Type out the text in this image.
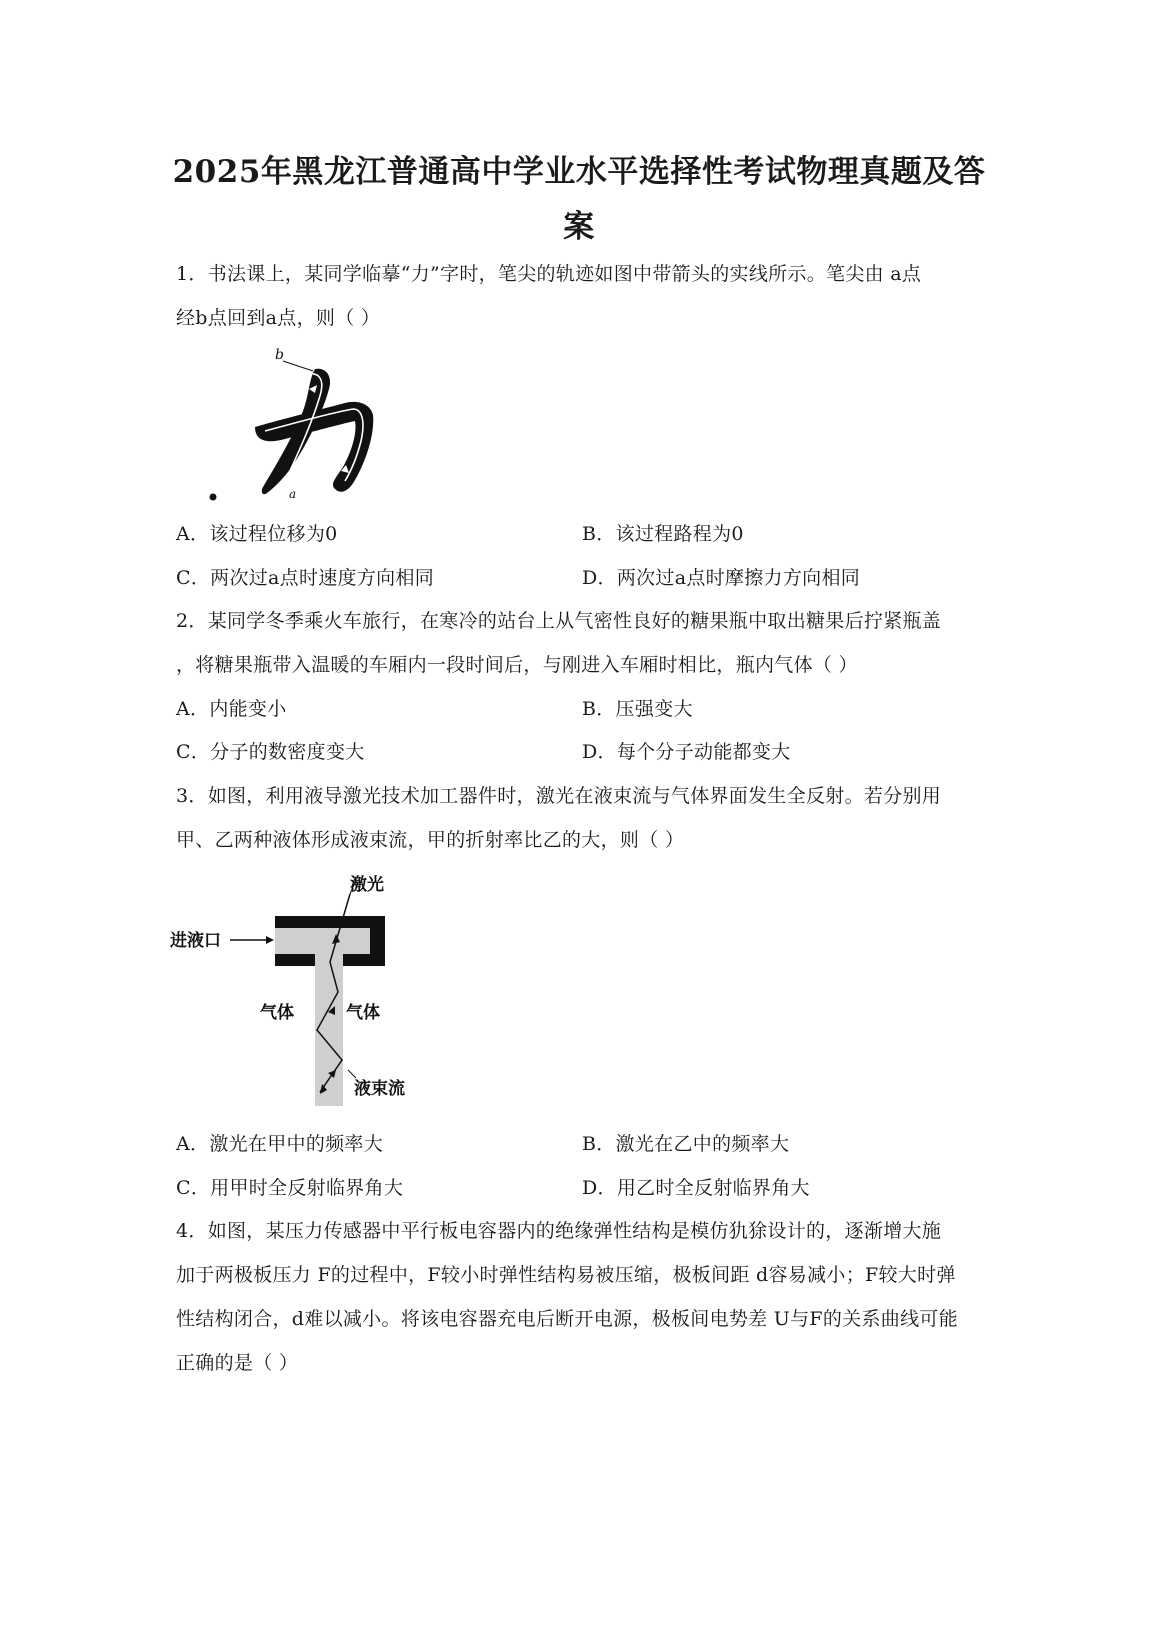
2025年黑龙江普通高中学业水平选择性考试物理真题及答
案
1．书法课上，某同学临摹“力”字时，笔尖的轨迹如图中带箭头的实线所示。笔尖由 a点
经b点回到a点，则（ ）
b
a
A．该过程位移为0	B．该过程路程为0
C．两次过a点时速度方向相同	D．两次过a点时摩擦力方向相同
2．某同学冬季乘火车旅行，在寒冷的站台上从气密性良好的糖果瓶中取出糖果后拧紧瓶盖
，将糖果瓶带入温暖的车厢内一段时间后，与刚进入车厢时相比，瓶内气体（ ）
A．内能变小	B．压强变大
C．分子的数密度变大	D．每个分子动能都变大
3．如图，利用液导激光技术加工器件时，激光在液束流与气体界面发生全反射。若分别用
甲、乙两种液体形成液束流，甲的折射率比乙的大，则（ ）
激光
进液口
气体	气体
液束流
A．激光在甲中的频率大	B．激光在乙中的频率大
C．用甲时全反射临界角大	D．用乙时全反射临界角大
4．如图，某压力传感器中平行板电容器内的绝缘弹性结构是模仿犰狳设计的，逐渐增大施
加于两极板压力 F的过程中，F较小时弹性结构易被压缩，极板间距 d容易减小；F较大时弹
性结构闭合，d难以减小。将该电容器充电后断开电源，极板间电势差 U与F的关系曲线可能
正确的是（ ）
